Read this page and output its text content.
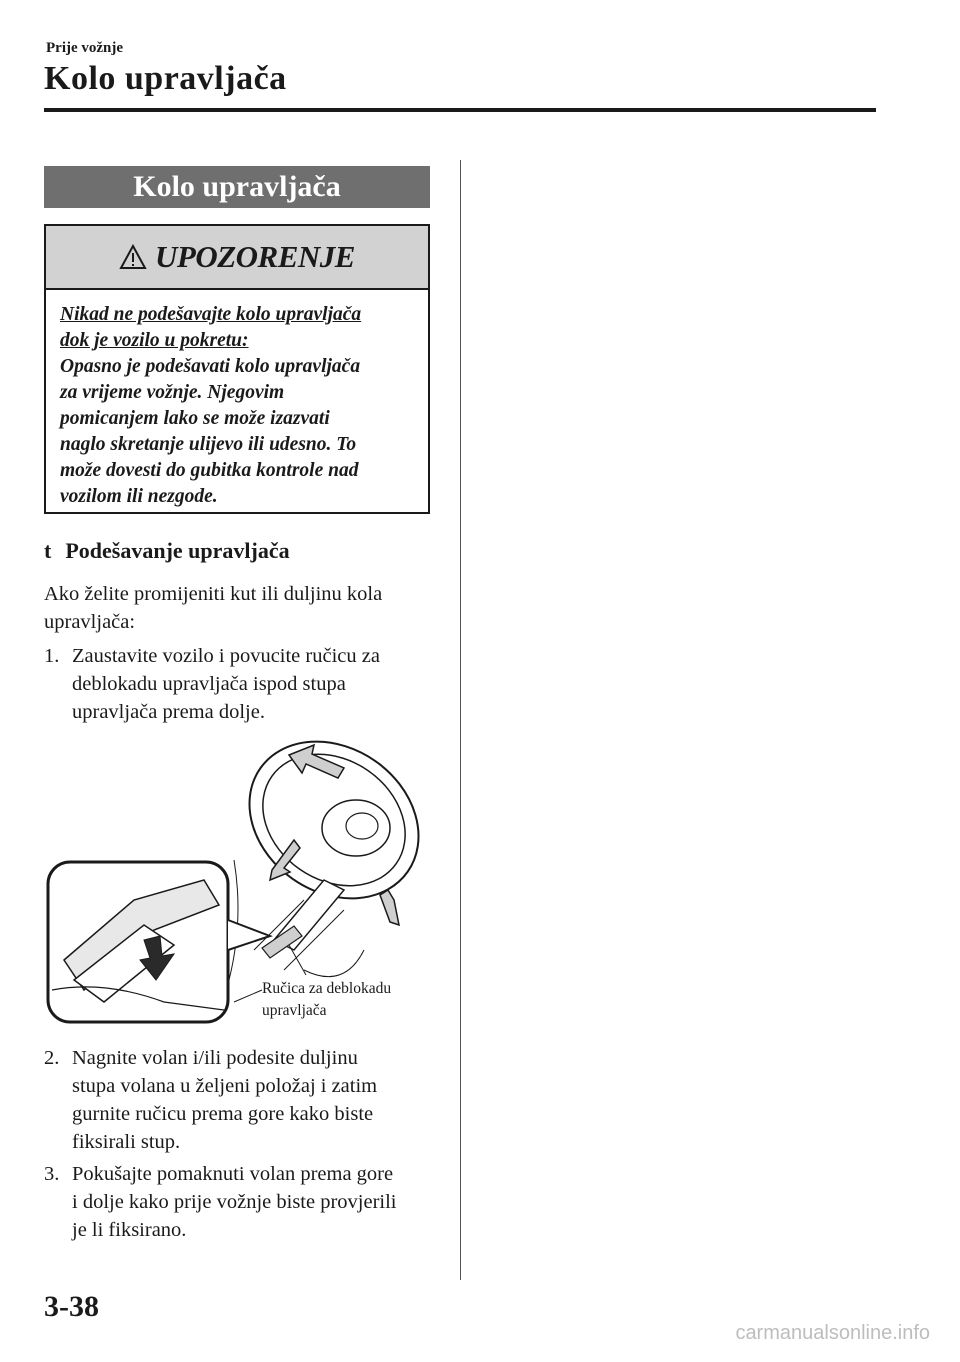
Prije vožnje
Kolo upravljača
Kolo upravljača
UPOZORENJE
Nikad ne podešavajte kolo upravljača
dok je vozilo u pokretu:
Opasno je podešavati kolo upravljača
za vrijeme vožnje. Njegovim
pomicanjem lako se može izazvati
naglo skretanje ulijevo ili udesno. To
može dovesti do gubitka kontrole nad
vozilom ili nezgode.
t Podešavanje upravljača
Ako želite promijeniti kut ili duljinu kola
upravljača:
1. Zaustavite vozilo i povucite ručicu za
deblokadu upravljača ispod stupa
upravljača prema dolje.
Ručica za deblokadu
upravljača
2. Nagnite volan i/ili podesite duljinu
stupa volana u željeni položaj i zatim
gurnite ručicu prema gore kako biste
fiksirali stup.
3. Pokušajte pomaknuti volan prema gore
i dolje kako prije vožnje biste provjerili
je li fiksirano.
3-38
carmanualsonline.info
